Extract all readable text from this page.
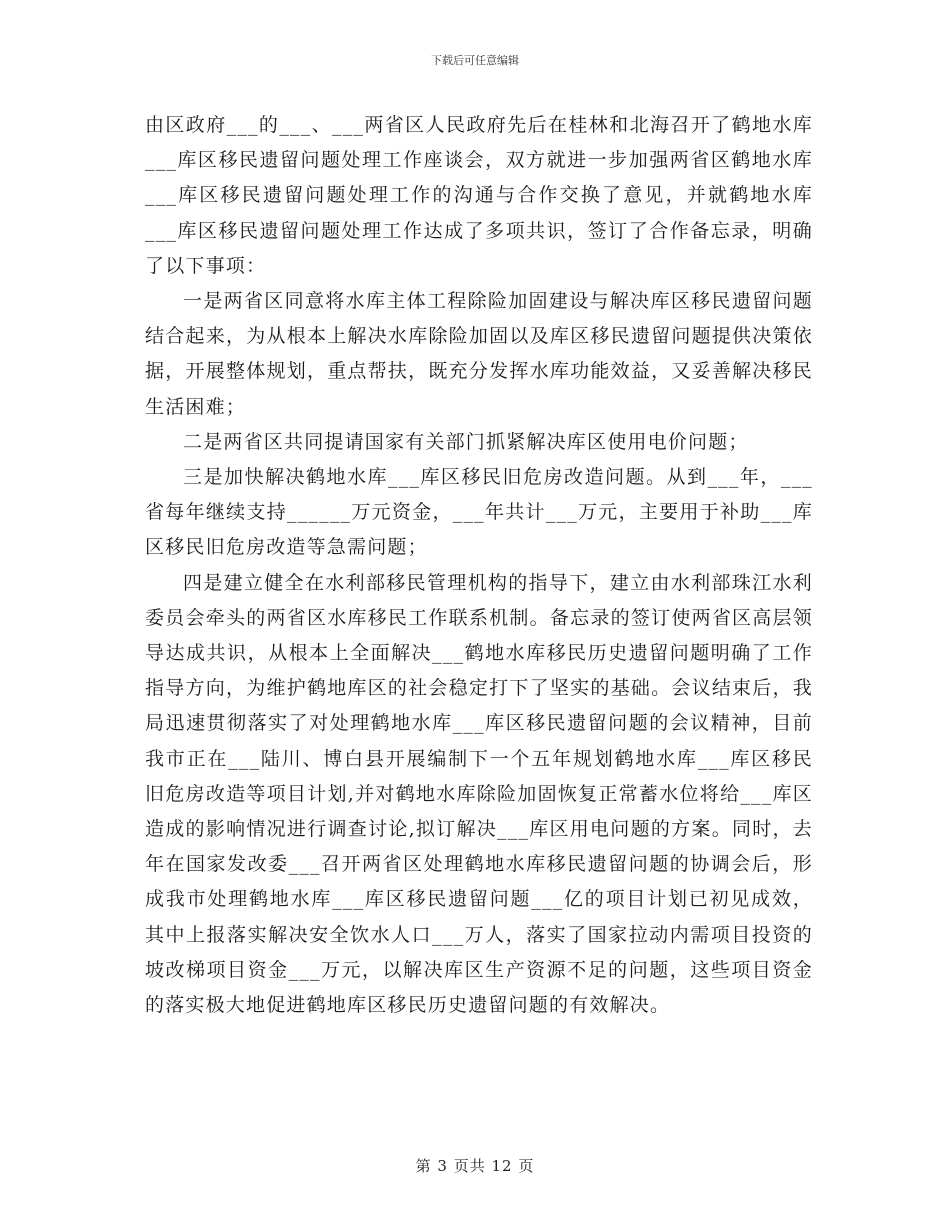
下载后可任意编辑

由区政府___的___、___两省区人民政府先后在桂林和北海召开了鹤地水库___库区移民遗留问题处理工作座谈会，双方就进一步加强两省区鹤地水库___库区移民遗留问题处理工作的沟通与合作交换了意见，并就鹤地水库___库区移民遗留问题处理工作达成了多项共识，签订了合作备忘录，明确了以下事项：

一是两省区同意将水库主体工程除险加固建设与解决库区移民遗留问题结合起来，为从根本上解决水库除险加固以及库区移民遗留问题提供决策依据，开展整体规划，重点帮扶，既充分发挥水库功能效益，又妥善解决移民生活困难；

二是两省区共同提请国家有关部门抓紧解决库区使用电价问题；

三是加快解决鹤地水库___库区移民旧危房改造问题。从到___年，___省每年继续支持______万元资金，___年共计___万元，主要用于补助___库区移民旧危房改造等急需问题；

四是建立健全在水利部移民管理机构的指导下，建立由水利部珠江水利委员会牵头的两省区水库移民工作联系机制。备忘录的签订使两省区高层领导达成共识，从根本上全面解决___鹤地水库移民历史遗留问题明确了工作指导方向，为维护鹤地库区的社会稳定打下了坚实的基础。会议结束后，我局迅速贯彻落实了对处理鹤地水库___库区移民遗留问题的会议精神，目前我市正在___陆川、博白县开展编制下一个五年规划鹤地水库___库区移民旧危房改造等项目计划,并对鹤地水库除险加固恢复正常蓄水位将给___库区造成的影响情况进行调查讨论,拟订解决___库区用电问题的方案。同时，去年在国家发改委___召开两省区处理鹤地水库移民遗留问题的协调会后，形成我市处理鹤地水库___库区移民遗留问题___亿的项目计划已初见成效，其中上报落实解决安全饮水人口___万人，落实了国家拉动内需项目投资的坡改梯项目资金___万元，以解决库区生产资源不足的问题，这些项目资金的落实极大地促进鹤地库区移民历史遗留问题的有效解决。

第 3 页共 12 页
